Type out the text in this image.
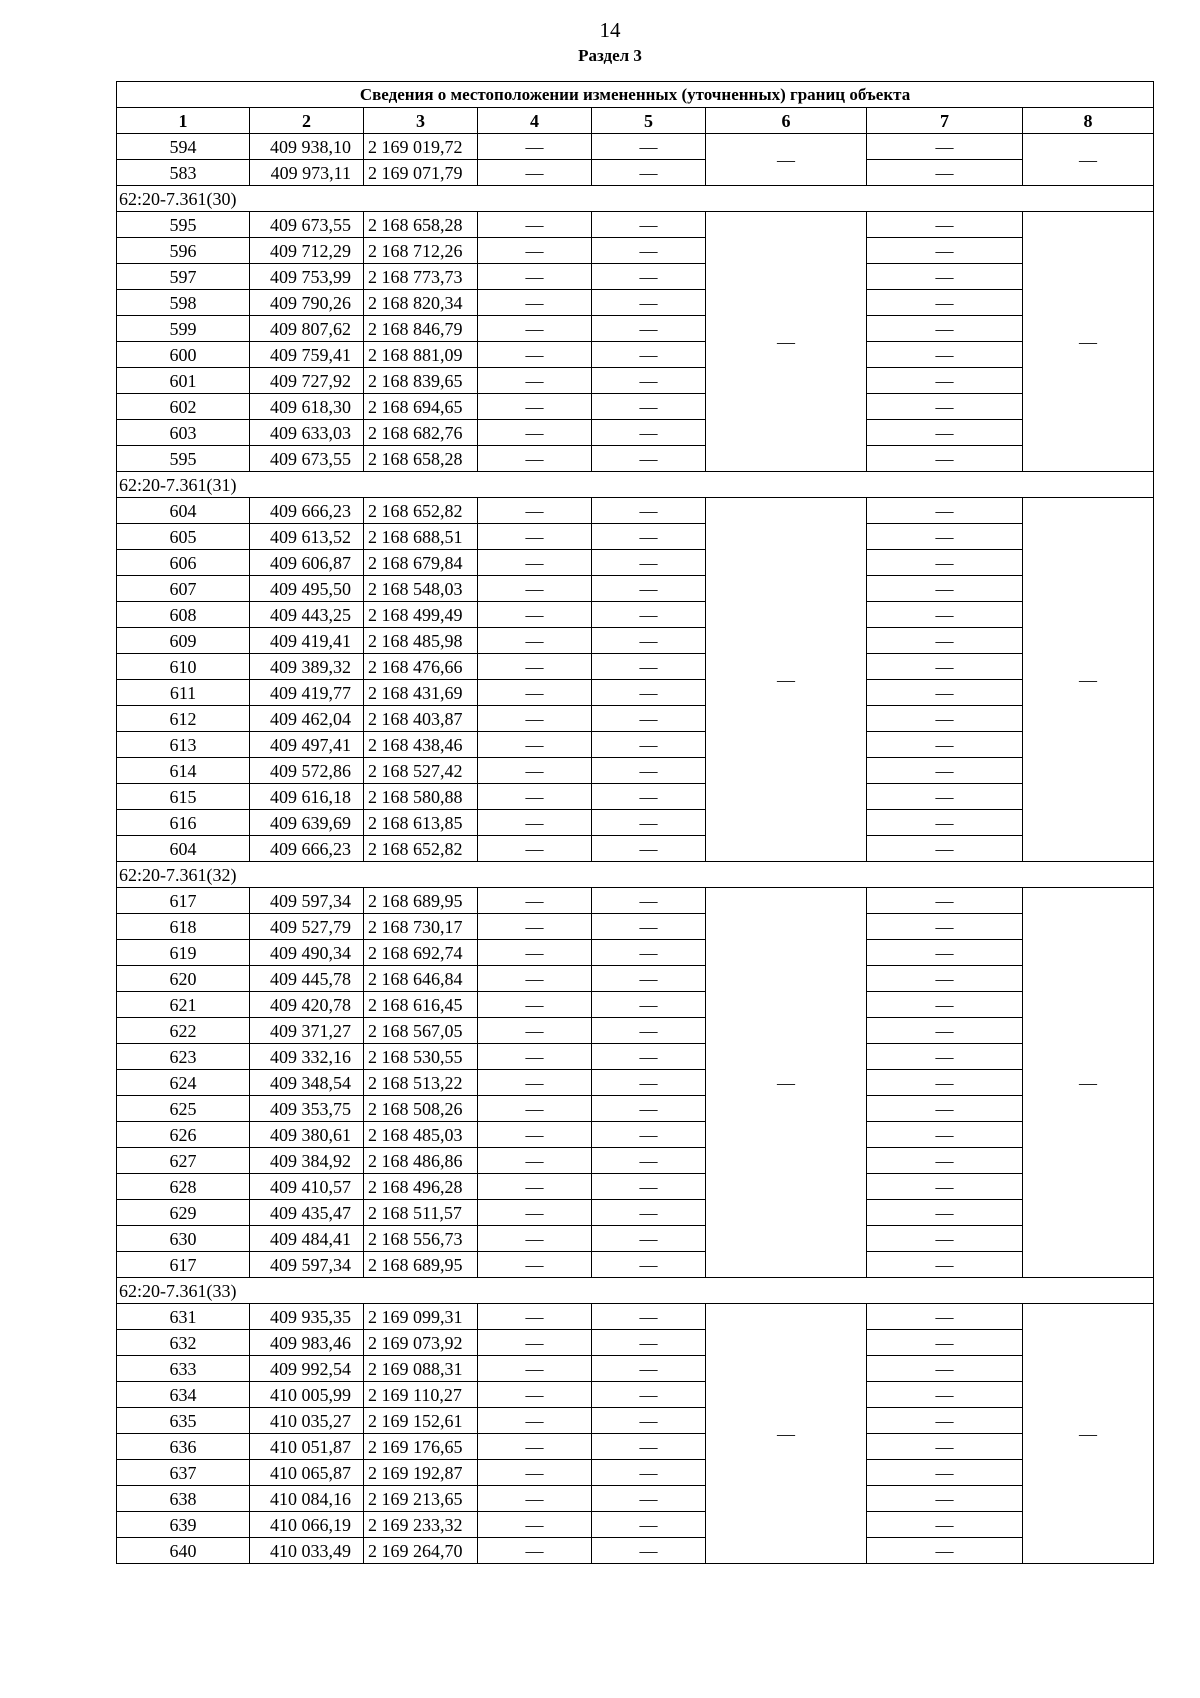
14
Раздел 3
Сведения о местоположении измененных (уточненных) границ объекта							
1	2	3	4	5	6	7	8
594	409 938,10	2 169 019,72	—	—	—	—	—
583	409 973,11	2 169 071,79	—	—		—	
62:20-7.361(30)							
595	409 673,55	2 168 658,28	—	—	—	—	—
596	409 712,29	2 168 712,26	—	—		—	
597	409 753,99	2 168 773,73	—	—		—	
598	409 790,26	2 168 820,34	—	—		—	
599	409 807,62	2 168 846,79	—	—		—	
600	409 759,41	2 168 881,09	—	—		—	
601	409 727,92	2 168 839,65	—	—		—	
602	409 618,30	2 168 694,65	—	—		—	
603	409 633,03	2 168 682,76	—	—		—	
595	409 673,55	2 168 658,28	—	—		—	
62:20-7.361(31)							
604	409 666,23	2 168 652,82	—	—	—	—	—
605	409 613,52	2 168 688,51	—	—		—	
606	409 606,87	2 168 679,84	—	—		—	
607	409 495,50	2 168 548,03	—	—		—	
608	409 443,25	2 168 499,49	—	—		—	
609	409 419,41	2 168 485,98	—	—		—	
610	409 389,32	2 168 476,66	—	—		—	
611	409 419,77	2 168 431,69	—	—		—	
612	409 462,04	2 168 403,87	—	—		—	
613	409 497,41	2 168 438,46	—	—		—	
614	409 572,86	2 168 527,42	—	—		—	
615	409 616,18	2 168 580,88	—	—		—	
616	409 639,69	2 168 613,85	—	—		—	
604	409 666,23	2 168 652,82	—	—		—	
62:20-7.361(32)							
617	409 597,34	2 168 689,95	—	—	—	—	—
618	409 527,79	2 168 730,17	—	—		—	
619	409 490,34	2 168 692,74	—	—		—	
620	409 445,78	2 168 646,84	—	—		—	
621	409 420,78	2 168 616,45	—	—		—	
622	409 371,27	2 168 567,05	—	—		—	
623	409 332,16	2 168 530,55	—	—		—	
624	409 348,54	2 168 513,22	—	—		—	
625	409 353,75	2 168 508,26	—	—		—	
626	409 380,61	2 168 485,03	—	—		—	
627	409 384,92	2 168 486,86	—	—		—	
628	409 410,57	2 168 496,28	—	—		—	
629	409 435,47	2 168 511,57	—	—		—	
630	409 484,41	2 168 556,73	—	—		—	
617	409 597,34	2 168 689,95	—	—		—	
62:20-7.361(33)							
631	409 935,35	2 169 099,31	—	—	—	—	—
632	409 983,46	2 169 073,92	—	—		—	
633	409 992,54	2 169 088,31	—	—		—	
634	410 005,99	2 169 110,27	—	—		—	
635	410 035,27	2 169 152,61	—	—		—	
636	410 051,87	2 169 176,65	—	—		—	
637	410 065,87	2 169 192,87	—	—		—	
638	410 084,16	2 169 213,65	—	—		—	
639	410 066,19	2 169 233,32	—	—		—	
640	410 033,49	2 169 264,70	—	—		—	
